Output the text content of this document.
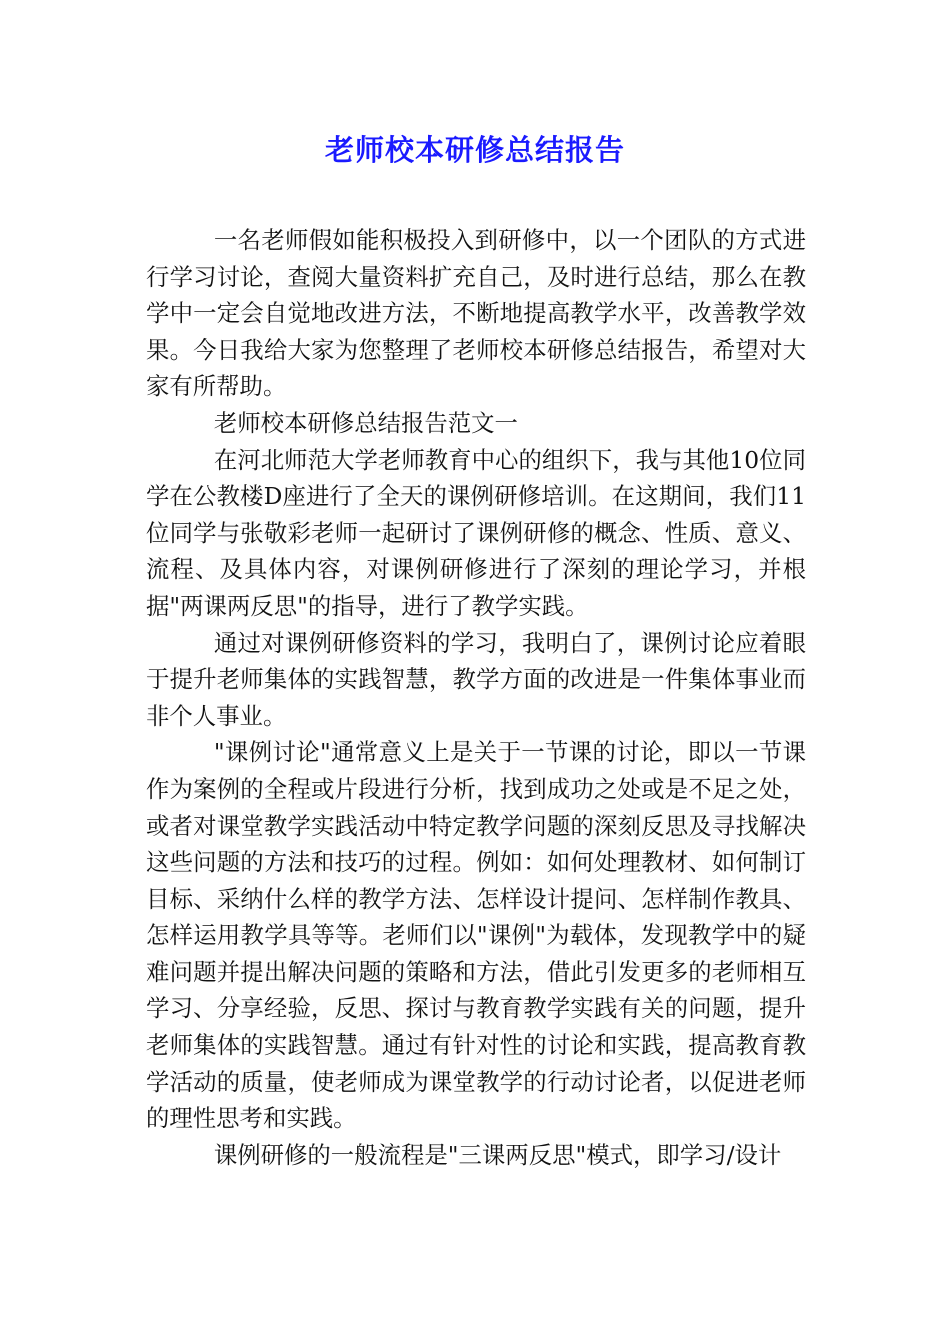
老师校本研修总结报告

一名老师假如能积极投入到研修中，以一个团队的方式进行学习讨论，查阅大量资料扩充自己，及时进行总结，那么在教学中一定会自觉地改进方法，不断地提高教学水平，改善教学效果。今日我给大家为您整理了老师校本研修总结报告，希望对大家有所帮助。

老师校本研修总结报告范文一

在河北师范大学老师教育中心的组织下，我与其他10位同学在公教楼D座进行了全天的课例研修培训。在这期间，我们11位同学与张敬彩老师一起研讨了课例研修的概念、性质、意义、流程、及具体内容，对课例研修进行了深刻的理论学习，并根据"两课两反思"的指导，进行了教学实践。

通过对课例研修资料的学习，我明白了，课例讨论应着眼于提升老师集体的实践智慧，教学方面的改进是一件集体事业而非个人事业。

"课例讨论"通常意义上是关于一节课的讨论，即以一节课作为案例的全程或片段进行分析，找到成功之处或是不足之处，或者对课堂教学实践活动中特定教学问题的深刻反思及寻找解决这些问题的方法和技巧的过程。例如：如何处理教材、如何制订目标、采纳什么样的教学方法、怎样设计提问、怎样制作教具、怎样运用教学具等等。老师们以"课例"为载体，发现教学中的疑难问题并提出解决问题的策略和方法，借此引发更多的老师相互学习、分享经验，反思、探讨与教育教学实践有关的问题，提升老师集体的实践智慧。通过有针对性的讨论和实践，提高教育教学活动的质量，使老师成为课堂教学的行动讨论者，以促进老师的理性思考和实践。

课例研修的一般流程是"三课两反思"模式，即学习/设计
